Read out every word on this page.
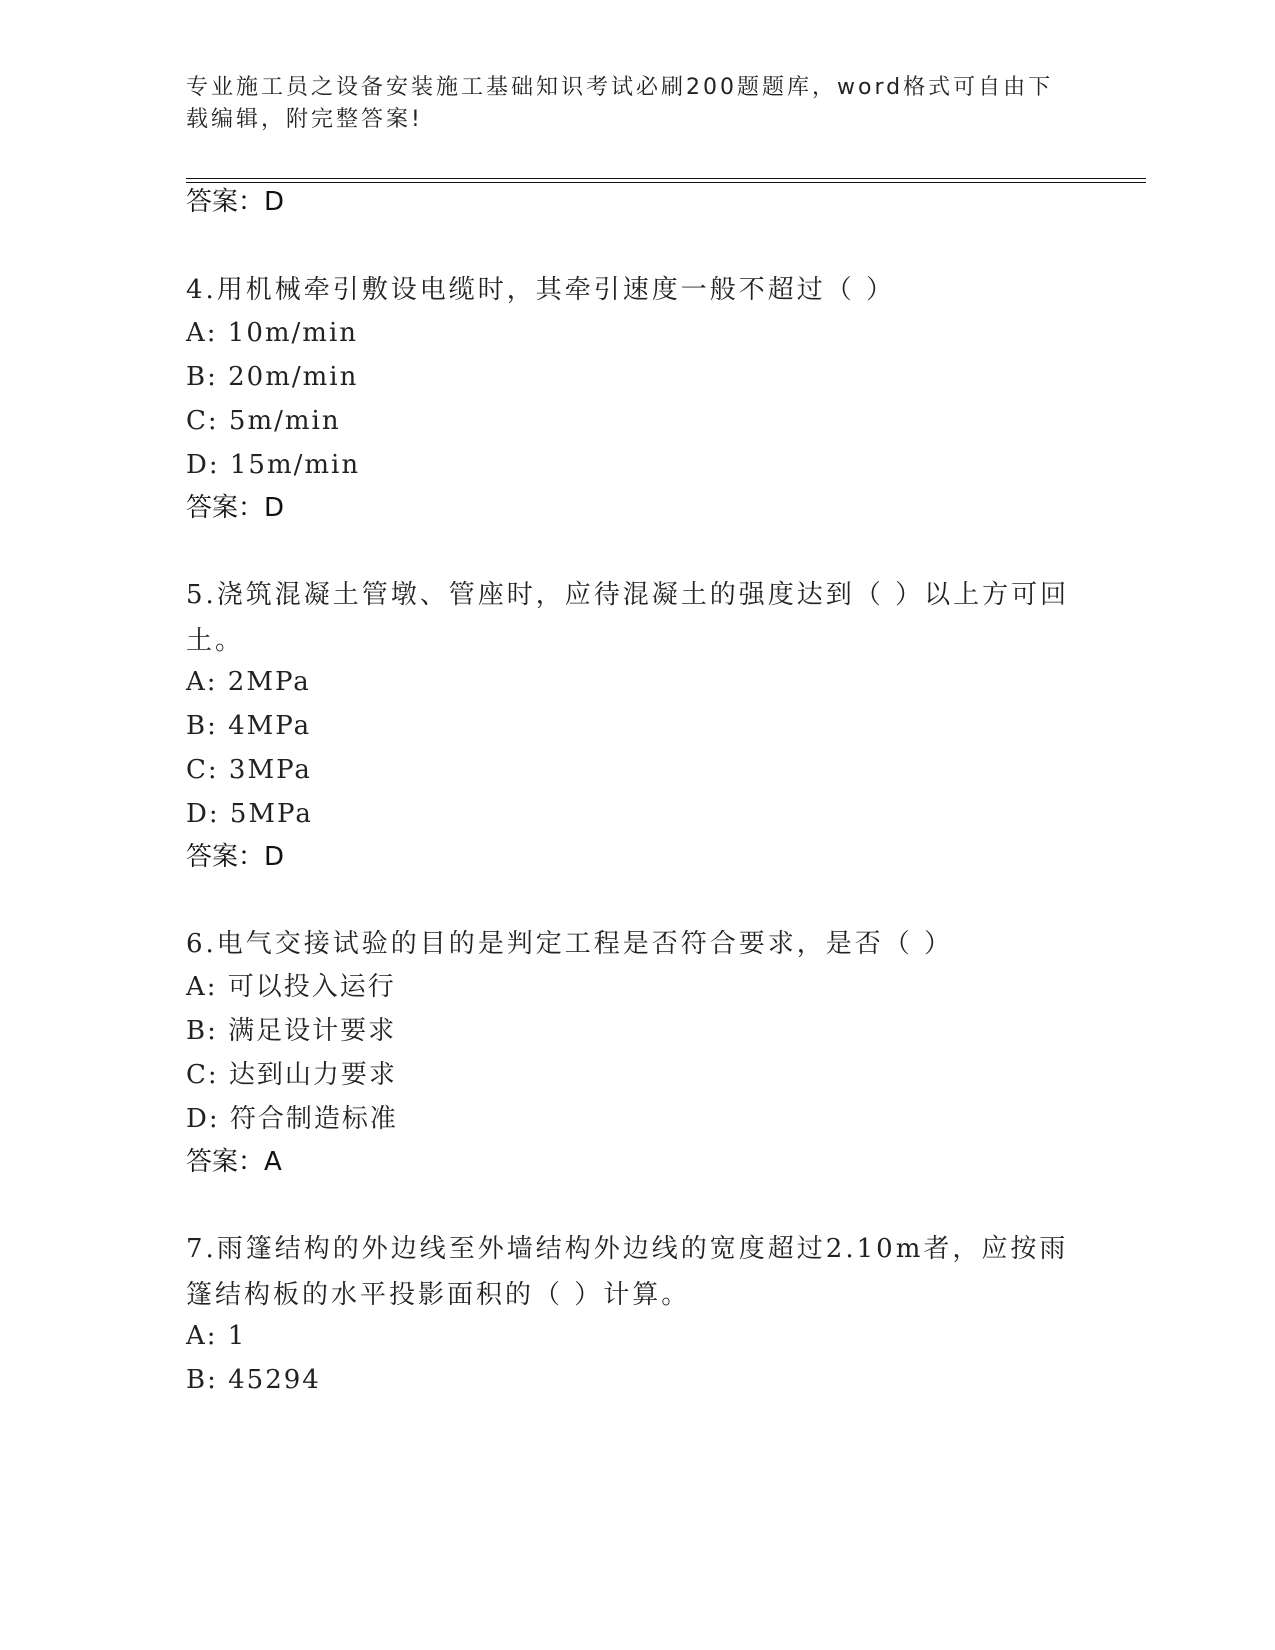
专业施工员之设备安装施工基础知识考试必刷200题题库，word格式可自由下载编辑，附完整答案!
答案：D
4.用机械牵引敷设电缆时，其牵引速度一般不超过（ ）
A: 10m/min
B: 20m/min
C: 5m/min
D: 15m/min
答案：D
5.浇筑混凝土管墩、管座时，应待混凝土的强度达到（ ）以上方可回土。
A: 2MPa
B: 4MPa
C: 3MPa
D: 5MPa
答案：D
6.电气交接试验的目的是判定工程是否符合要求，是否（ ）
A: 可以投入运行
B: 满足设计要求
C: 达到山力要求
D: 符合制造标准
答案：A
7.雨篷结构的外边线至外墙结构外边线的宽度超过2.10m者，应按雨篷结构板的水平投影面积的（ ）计算。
A: 1
B: 45294
